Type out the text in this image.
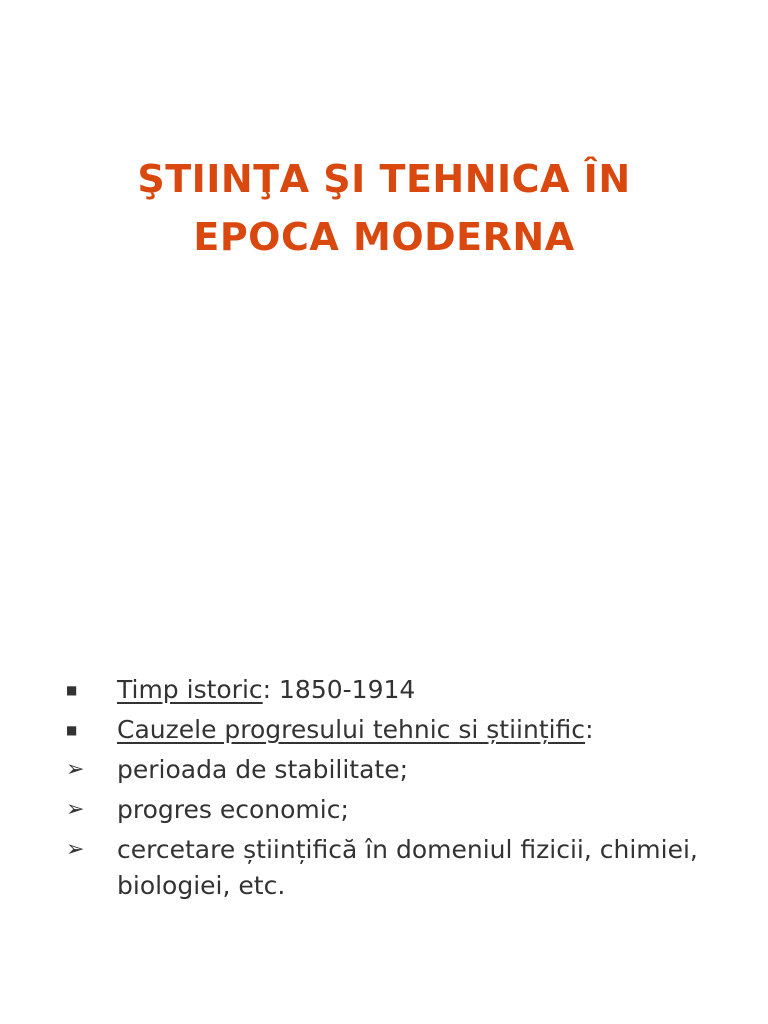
ŞTIINŢA ŞI TEHNICA ÎN
EPOCA MODERNA
■	Timp istoric: 1850-1914
■	Cauzele progresului tehnic si științific:
➢	perioada de stabilitate;
➢	progres economic;
➢	cercetare științifică în domeniul fizicii, chimiei, biologiei, etc.
